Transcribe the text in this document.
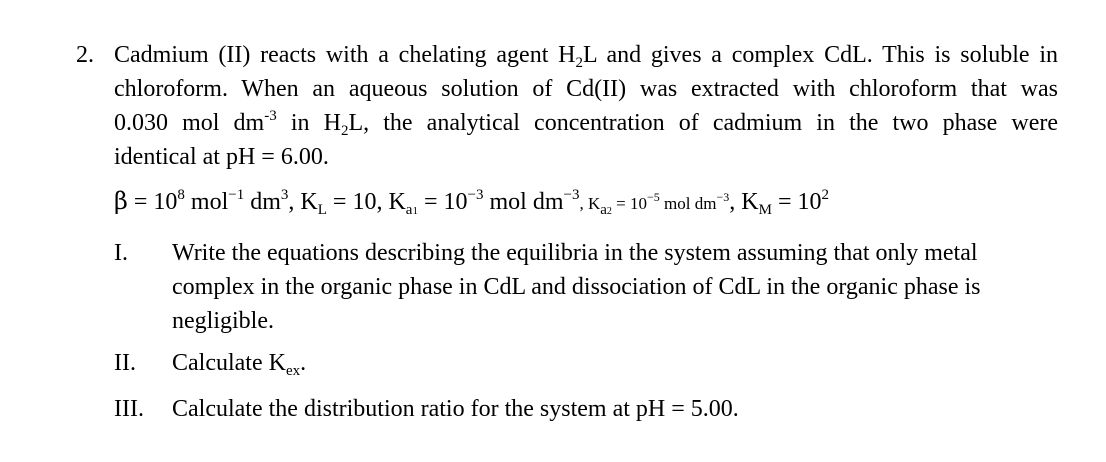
2. Cadmium (II) reacts with a chelating agent $H_2L$ and gives a complex CdL. This is soluble in
chloroform. When an aqueous solution of Cd(II) was extracted with chloroform that was
0.030 mol $dm^{-3}$ in $H_2L$, the analytical concentration of cadmium in the two phase were
identical at pH = 6.00.
$\beta = 10^8$ mol$^{-1}$ $dm^3$, $K_L = 10$, $K_{a1} = 10^{-3}$ mol $dm^{-3}$, $K_{a2} = 10^{-5}$ mol $dm^{-3}$, $K_M = 10^2$
I.	Write the equations describing the equilibria in the system assuming that only metal
complex in the organic phase in CdL and dissociation of CdL in the organic phase is
negligible.
II.	Calculate $K_{ex}$.
III.	Calculate the distribution ratio for the system at pH = 5.00.
